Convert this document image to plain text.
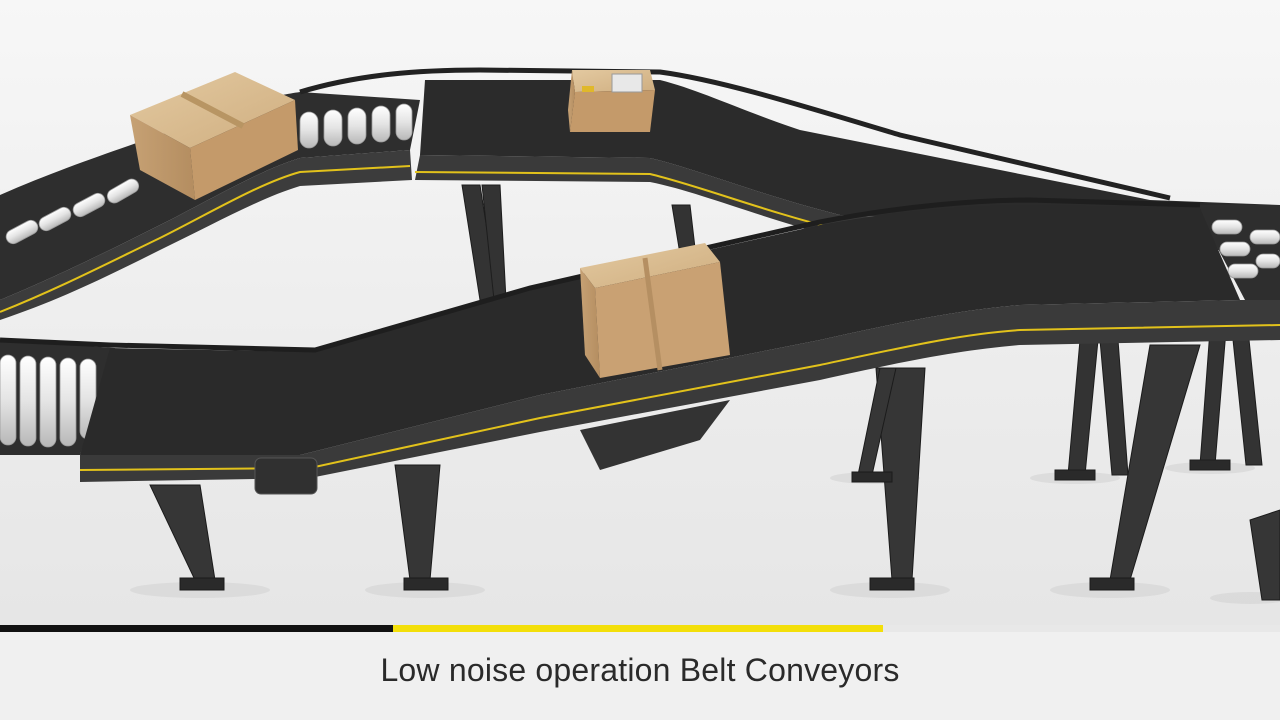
Low noise operation Belt Conveyors
